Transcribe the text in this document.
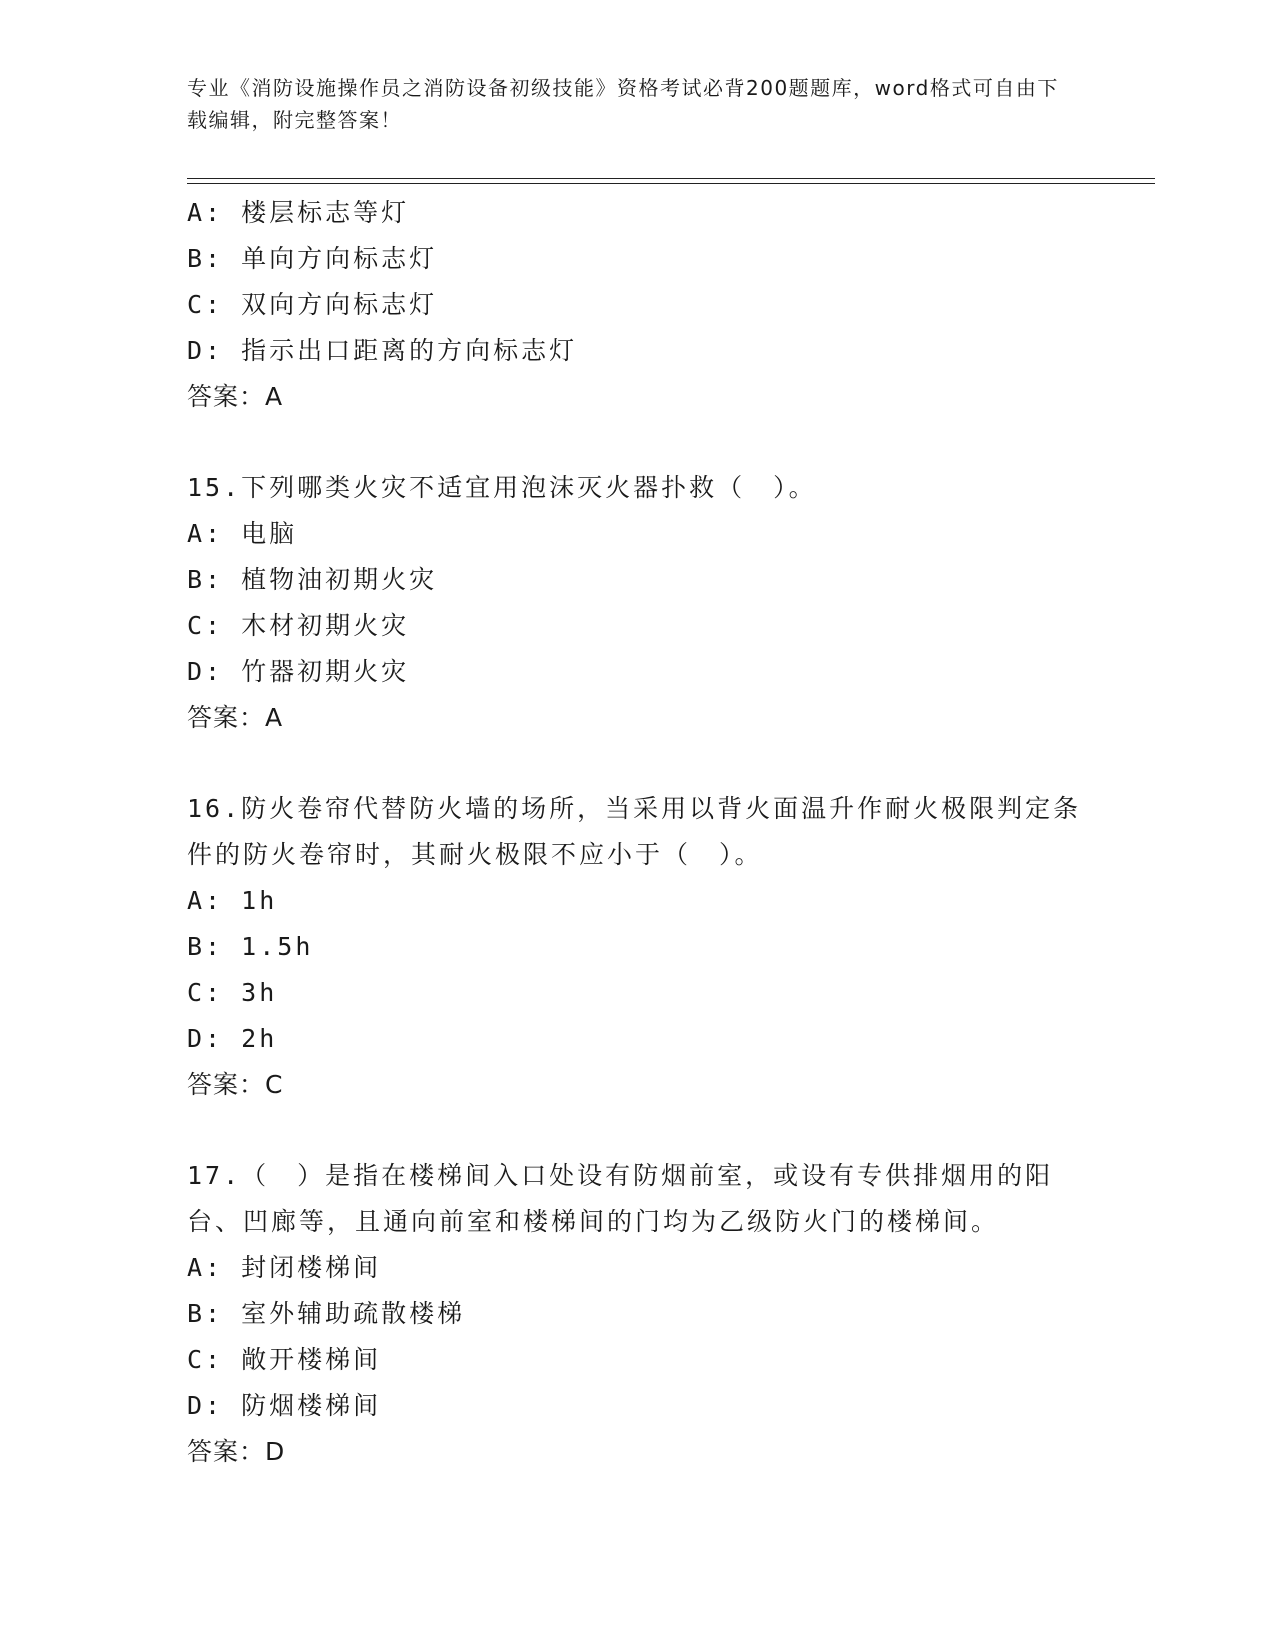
专业《消防设施操作员之消防设备初级技能》资格考试必背200题题库，word格式可自由下载编辑，附完整答案！
A: 楼层标志等灯
B: 单向方向标志灯
C: 双向方向标志灯
D: 指示出口距离的方向标志灯
答案：A
15.下列哪类火灾不适宜用泡沫灭火器扑救（　）。
A: 电脑
B: 植物油初期火灾
C: 木材初期火灾
D: 竹器初期火灾
答案：A
16.防火卷帘代替防火墙的场所，当采用以背火面温升作耐火极限判定条件的防火卷帘时，其耐火极限不应小于（　）。
A: 1h
B: 1.5h
C: 3h
D: 2h
答案：C
17.（　）是指在楼梯间入口处设有防烟前室，或设有专供排烟用的阳台、凹廊等，且通向前室和楼梯间的门均为乙级防火门的楼梯间。
A: 封闭楼梯间
B: 室外辅助疏散楼梯
C: 敞开楼梯间
D: 防烟楼梯间
答案：D
